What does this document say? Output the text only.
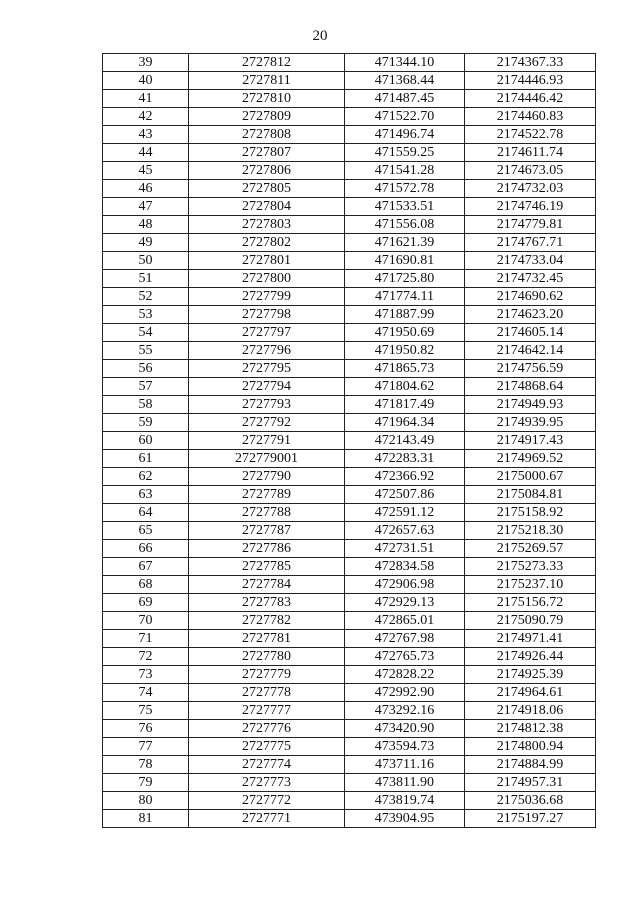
20
39	2727812	471344.10	2174367.33
40	2727811	471368.44	2174446.93
41	2727810	471487.45	2174446.42
42	2727809	471522.70	2174460.83
43	2727808	471496.74	2174522.78
44	2727807	471559.25	2174611.74
45	2727806	471541.28	2174673.05
46	2727805	471572.78	2174732.03
47	2727804	471533.51	2174746.19
48	2727803	471556.08	2174779.81
49	2727802	471621.39	2174767.71
50	2727801	471690.81	2174733.04
51	2727800	471725.80	2174732.45
52	2727799	471774.11	2174690.62
53	2727798	471887.99	2174623.20
54	2727797	471950.69	2174605.14
55	2727796	471950.82	2174642.14
56	2727795	471865.73	2174756.59
57	2727794	471804.62	2174868.64
58	2727793	471817.49	2174949.93
59	2727792	471964.34	2174939.95
60	2727791	472143.49	2174917.43
61	272779001	472283.31	2174969.52
62	2727790	472366.92	2175000.67
63	2727789	472507.86	2175084.81
64	2727788	472591.12	2175158.92
65	2727787	472657.63	2175218.30
66	2727786	472731.51	2175269.57
67	2727785	472834.58	2175273.33
68	2727784	472906.98	2175237.10
69	2727783	472929.13	2175156.72
70	2727782	472865.01	2175090.79
71	2727781	472767.98	2174971.41
72	2727780	472765.73	2174926.44
73	2727779	472828.22	2174925.39
74	2727778	472992.90	2174964.61
75	2727777	473292.16	2174918.06
76	2727776	473420.90	2174812.38
77	2727775	473594.73	2174800.94
78	2727774	473711.16	2174884.99
79	2727773	473811.90	2174957.31
80	2727772	473819.74	2175036.68
81	2727771	473904.95	2175197.27
